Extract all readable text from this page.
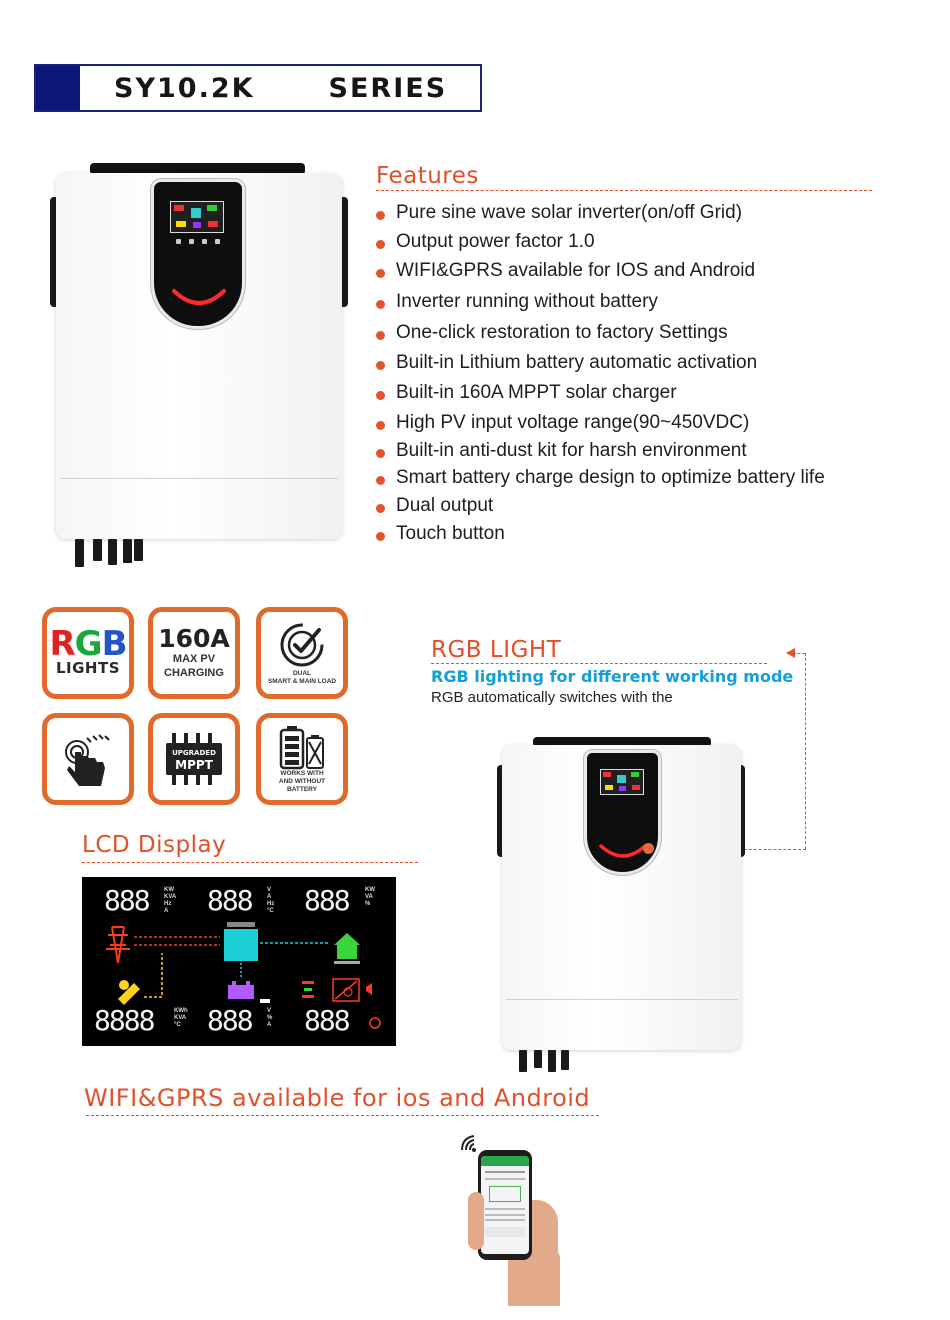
SY10.2K	SERIES
Features
Pure sine wave solar inverter(on/off Grid)
Output power factor 1.0
WIFI&GPRS available for IOS and Android
Inverter running without battery
One-click restoration to factory Settings
Built-in Lithium battery automatic activation
Built-in 160A MPPT solar charger
High PV input voltage range(90~450VDC)
Built-in anti-dust kit for harsh environment
Smart battery charge design to optimize battery life
Dual output
Touch button
RGB
LIGHTS
160A
MAX PV
CHARGING	DUAL
SMART & MAIN LOAD
UPGRADED
MPPT
WORKS WITH
AND WITHOUT
BATTERY
RGB LIGHT
RGB lighting for different working mode
RGB automatically switches with the
LCD Display
888	KW
KVA
Hz
A 888	V
A
Hz
°C 888	KW
VA
%
8888	KWh
KVA
°C 888	V
%
A 888
WIFI&GPRS available for ios and Android
